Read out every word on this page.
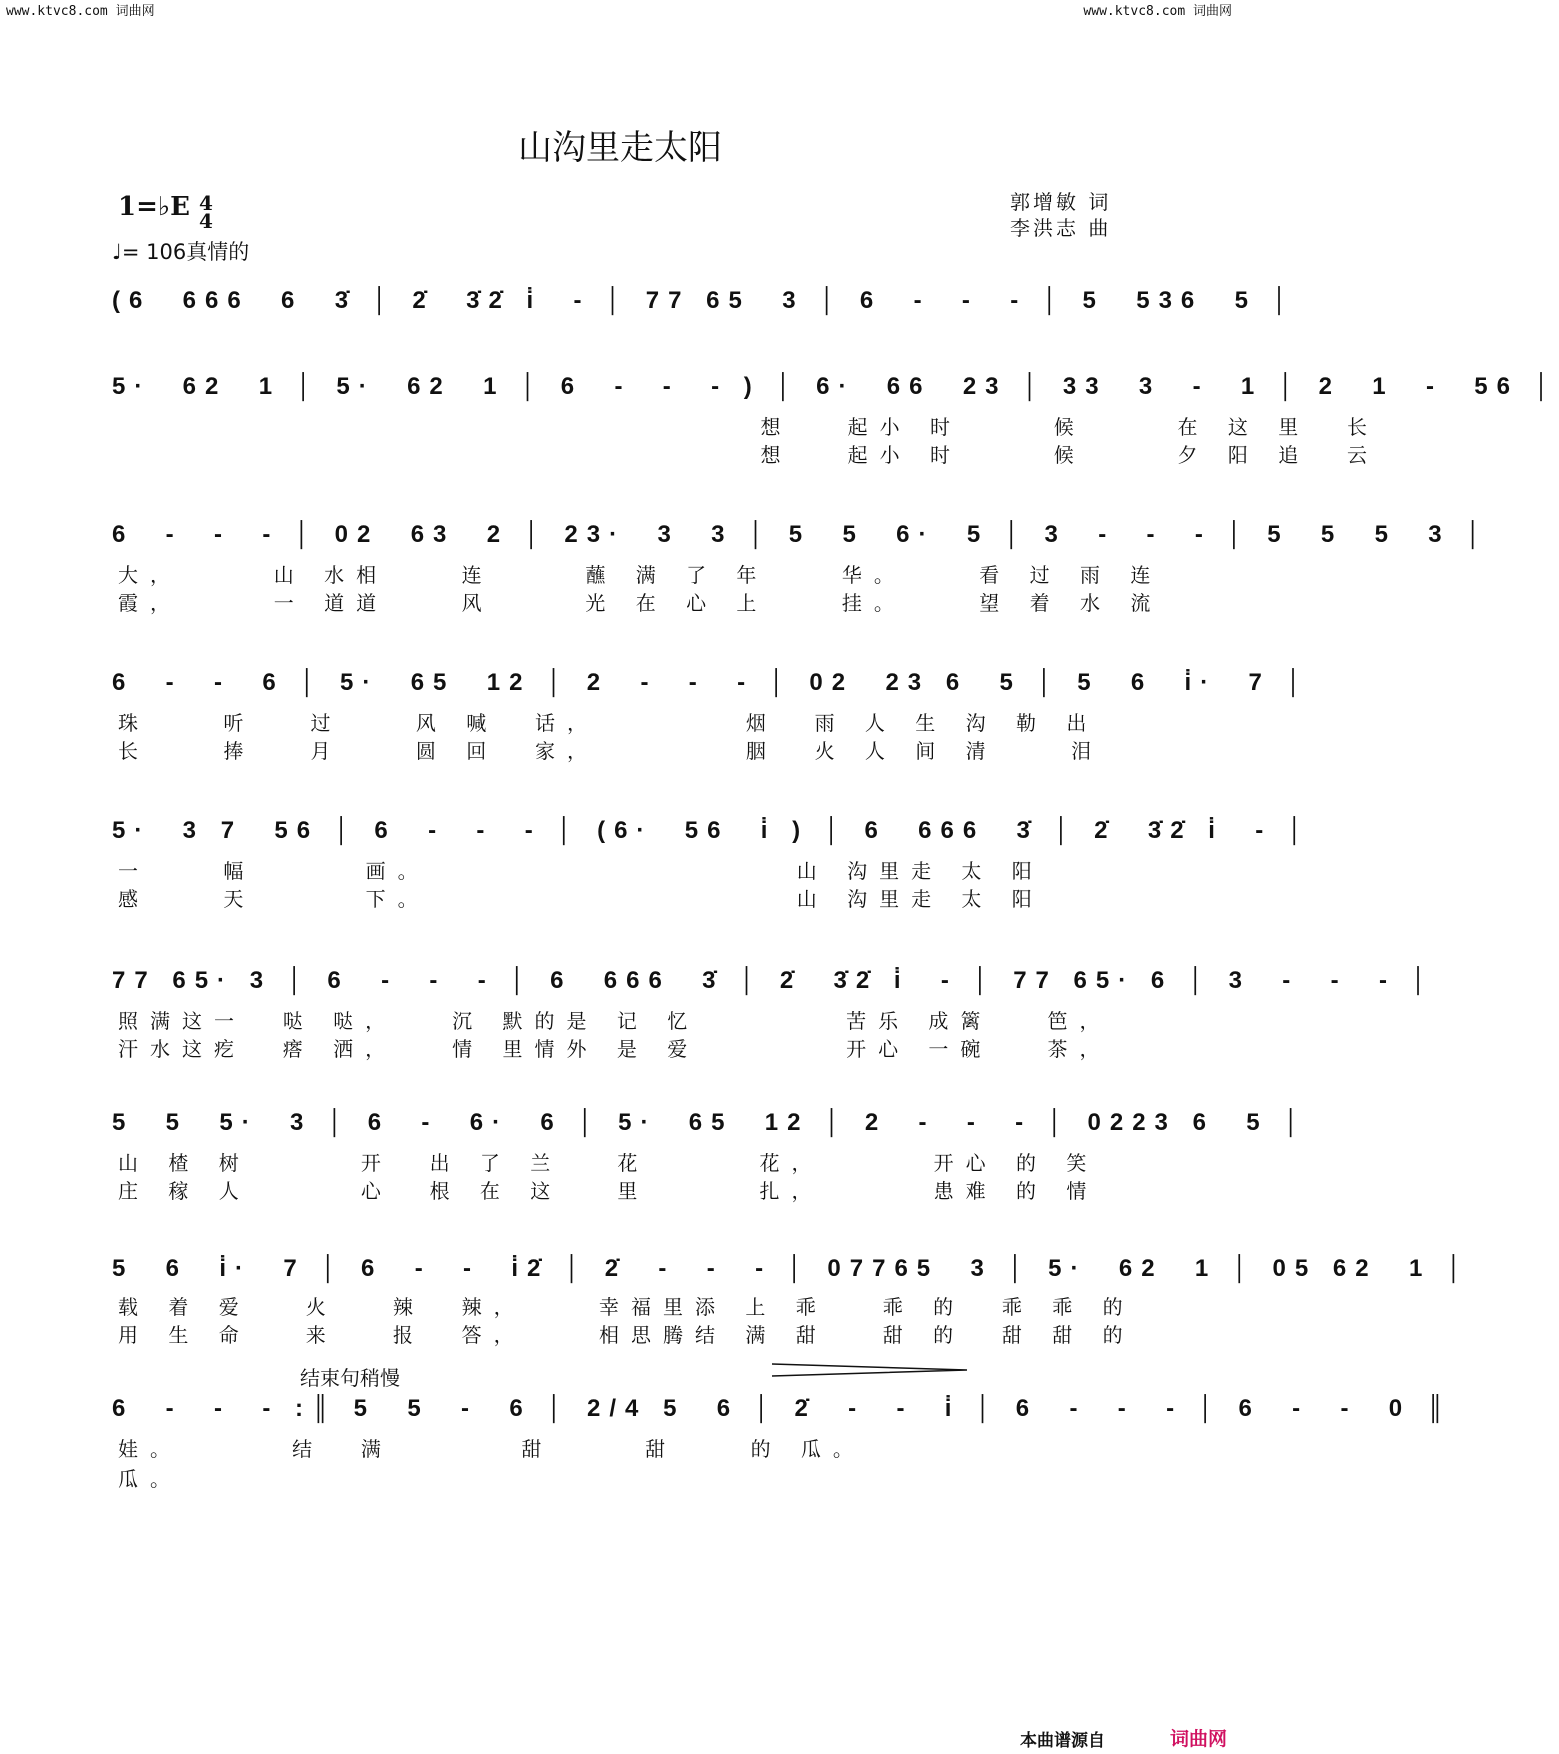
www.ktvc8.com 词曲网	www.ktvc8.com 词曲网
山沟里走太阳
1=♭E 4
4
♩= 106真情的
郭增敏 词
李洪志 曲
(6  666  6  3̇ │ 2̇  3̇2̇ i̇  - │ 77 65  3 │ 6  -  -  - │ 5  536  5 │
5·  62  1 │ 5·  62  1 │ 6  -  -  - ) │ 6·  66  23 │ 33  3  -  1 │ 2  1  -  56 │
想   起小 时     候     在 这 里  长
想   起小 时     候     夕 阳 追  云
6  -  -  - │ 02  63  2 │ 23·  3  3 │ 5  5  6·  5 │ 3  -  -  - │ 5  5  5  3 │
大，     山 水相    连     蘸 满 了 年    华。    看 过 雨 连
霞，     一 道道    风     光 在 心 上    挂。    望 着 水 流
6  -  -  6 │ 5·  65  12 │ 2  -  -  - │ 02  23 6  5 │ 5  6  i̇·  7 │
珠    听   过    风 喊  话，        烟  雨 人 生 沟 勒 出
长    捧   月    圆 回  家，        胭  火 人 间 清    泪
5·  3 7  56 │ 6  -  -  - │ (6·  56  i̇ ) │ 6  666  3̇ │ 2̇  3̇2̇ i̇  - │
一    幅      画。                    山 沟里走 太 阳
感    天      下。                    山 沟里走 太 阳
77 65· 3 │ 6  -  -  - │ 6  666  3̇ │ 2̇  3̇2̇ i̇  - │ 77 65· 6 │ 3  -  -  - │
照满这一  哒 哒，   沉 默的是 记 忆        苦乐 成篱   笆，
汗水这疙  瘩 洒，   情 里情外 是 爱        开心 一碗   茶，
5  5  5·  3 │ 6  -  6·  6 │ 5·  65  12 │ 2  -  -  - │ 0223 6  5 │
山 楂 树      开  出 了 兰   花      花，      开心 的 笑
庄 稼 人      心  根 在 这   里      扎，      患难 的 情
5  6  i̇·  7 │ 6  -  -  i̇2̇ │ 2̇  -  -  - │ 07765  3 │ 5·  62  1 │ 05 62  1 │
载 着 爱   火   辣  辣，    幸福里添 上 乖   乖 的  乖 乖 的
用 生 命   来   报  答，    相思腾结 满 甜   甜 的  甜 甜 的
结束句稍慢
6  -  -  - :║ 5  5  -  6 │ 2/4 5  6 │ 2̇  -  -  i̇ │ 6  -  -  - │ 6  -  -  0 ║
娃。      结  满       甜     甜    的 瓜。
瓜。
本曲谱源自	词曲网
